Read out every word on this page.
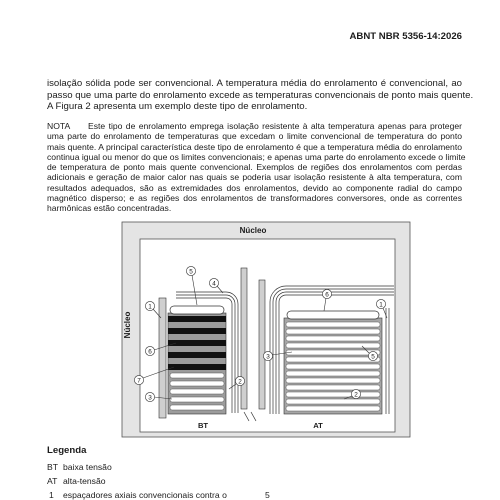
ABNT NBR 5356-14:2026
isolação sólida pode ser convencional. A temperatura média do enrolamento é convencional, ao
passo que uma parte do enrolamento excede as temperaturas convencionais de ponto mais quente.
A Figura 2 apresenta um exemplo deste tipo de enrolamento.
NOTA	Este tipo de enrolamento emprega isolação resistente à alta temperatura apenas para proteger
uma parte do enrolamento de temperaturas que excedam o limite convencional de temperatura do ponto
mais quente. A principal característica deste tipo de enrolamento é que a temperatura média do enrolamento
continua igual ou menor do que os limites convencionais; e apenas uma parte do enrolamento excede o limite
de temperatura de ponto mais quente convencional. Exemplos de regiões dos enrolamentos com perdas
adicionais e geração de maior calor nas quais se poderia usar isolação resistente à alta temperatura, com
resultados adequados, são as extremidades dos enrolamentos, devido ao componente radial do campo
magnético disperso; e as regiões dos enrolamentos de transformadores conversores, onde as correntes
harmônicas estão concentradas.
Núcleo
Núcleo
BT	AT
5
4
1
6
7
3
2
6
1
3	5
2
Legenda
BT baixa tensão
AT alta-tensão
1 espaçadores axiais convencionais contra o	5
